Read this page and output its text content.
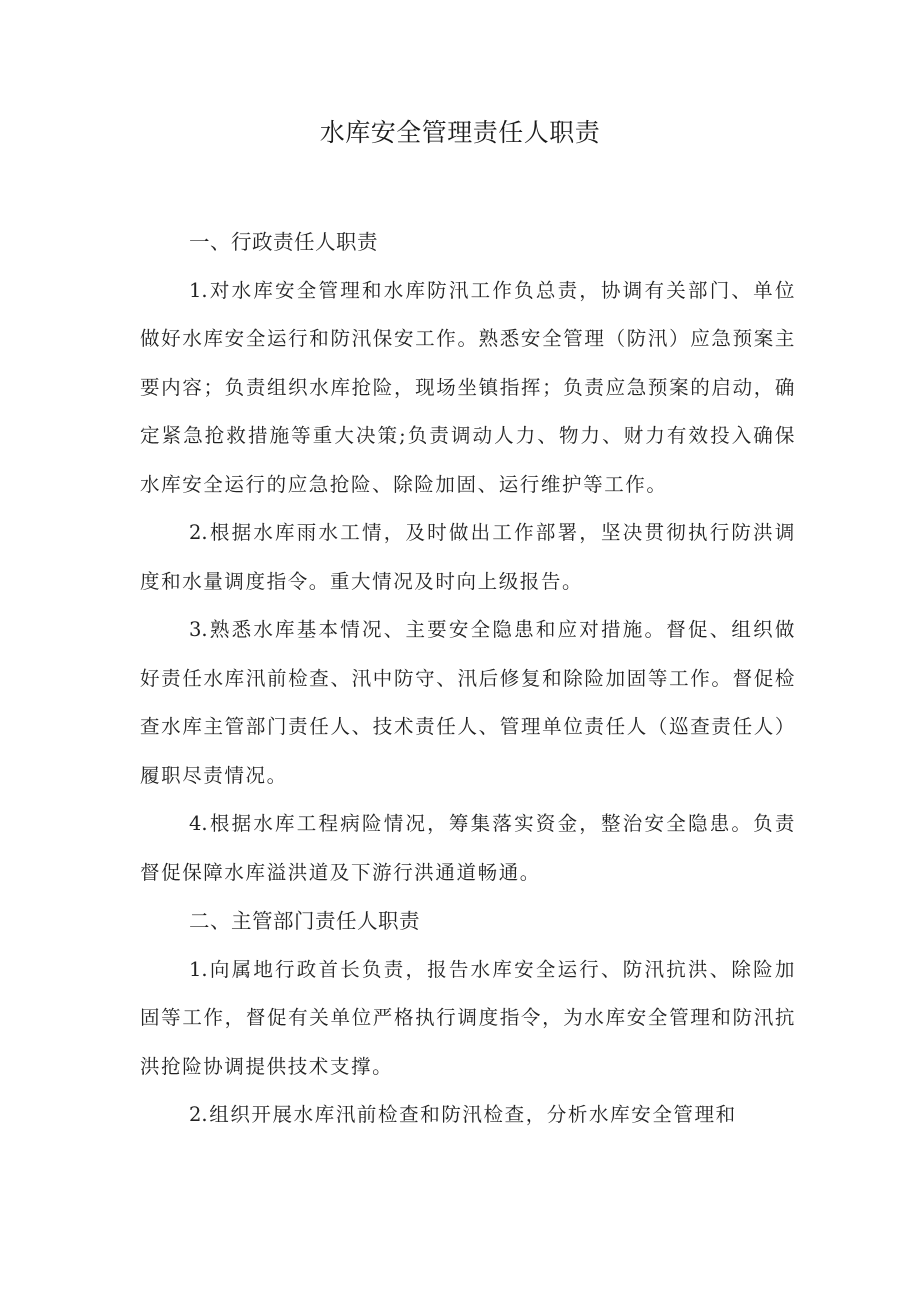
水库安全管理责任人职责

一、行政责任人职责

1.对水库安全管理和水库防汛工作负总责，协调有关部门、单位做好水库安全运行和防汛保安工作。熟悉安全管理（防汛）应急预案主要内容；负责组织水库抢险，现场坐镇指挥；负责应急预案的启动，确定紧急抢救措施等重大决策;负责调动人力、物力、财力有效投入确保水库安全运行的应急抢险、除险加固、运行维护等工作。

2.根据水库雨水工情，及时做出工作部署，坚决贯彻执行防洪调度和水量调度指令。重大情况及时向上级报告。

3.熟悉水库基本情况、主要安全隐患和应对措施。督促、组织做好责任水库汛前检查、汛中防守、汛后修复和除险加固等工作。督促检查水库主管部门责任人、技术责任人、管理单位责任人（巡查责任人）履职尽责情况。

4.根据水库工程病险情况，筹集落实资金，整治安全隐患。负责督促保障水库溢洪道及下游行洪通道畅通。

二、主管部门责任人职责

1.向属地行政首长负责，报告水库安全运行、防汛抗洪、除险加固等工作，督促有关单位严格执行调度指令，为水库安全管理和防汛抗洪抢险协调提供技术支撑。

2.组织开展水库汛前检查和防汛检查，分析水库安全管理和
